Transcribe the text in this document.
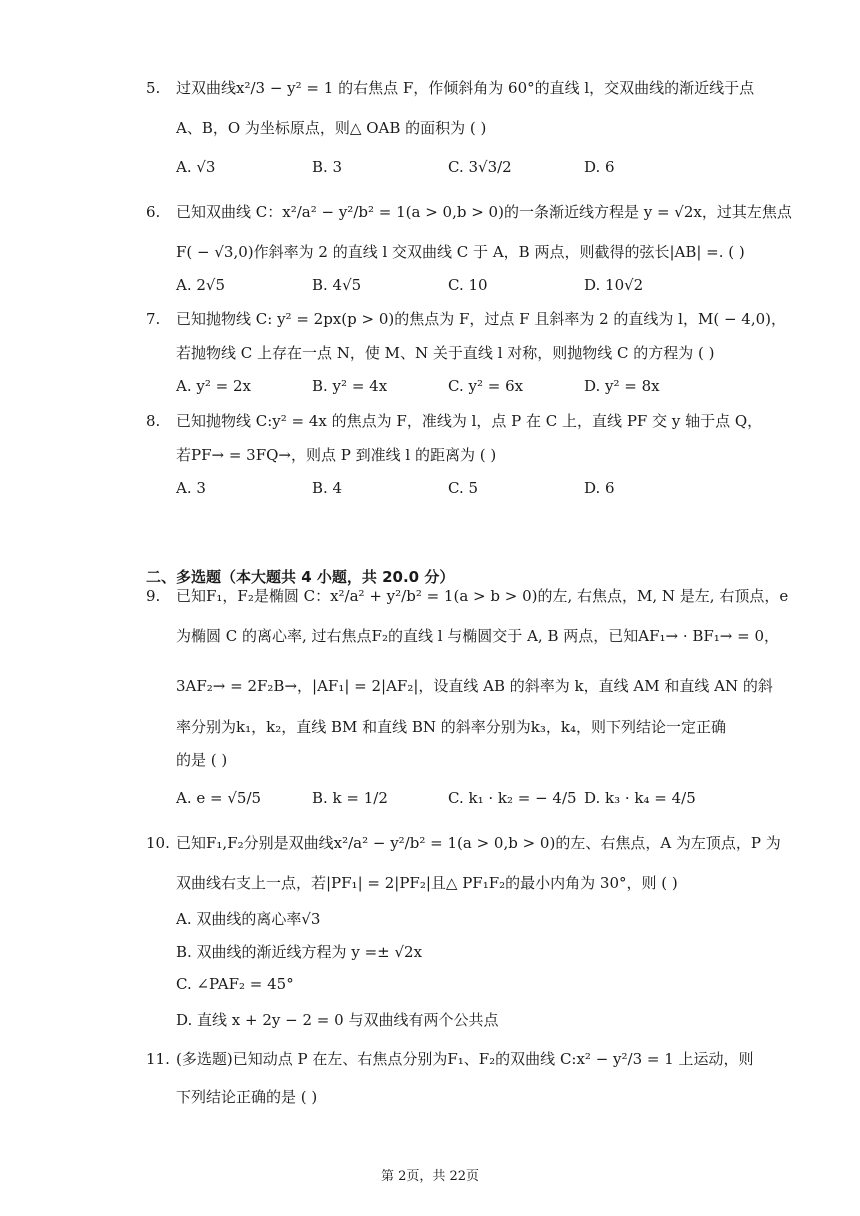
5. 过双曲线x²/3 − y² = 1 的右焦点 F，作倾斜角为 60°的直线 l，交双曲线的渐近线于点
A、B，O 为坐标原点，则△ OAB 的面积为 ( )
A. √3	B. 3	C. 3√3/2	D. 6
6. 已知双曲线 C：x²/a² − y²/b² = 1(a > 0,b > 0)的一条渐近线方程是 y = √2x，过其左焦点
F( − √3,0)作斜率为 2 的直线 l 交双曲线 C 于 A，B 两点，则截得的弦长|AB| =. ( )
A. 2√5	B. 4√5	C. 10	D. 10√2
7. 已知抛物线 C: y² = 2px(p > 0)的焦点为 F，过点 F 且斜率为 2 的直线为 l，M( − 4,0)，
若抛物线 C 上存在一点 N，使 M、N 关于直线 l 对称，则抛物线 C 的方程为 ( )
A. y² = 2x	B. y² = 4x	C. y² = 6x	D. y² = 8x
8. 已知抛物线 C:y² = 4x 的焦点为 F，准线为 l，点 P 在 C 上，直线 PF 交 y 轴于点 Q，
若PF→ = 3FQ→，则点 P 到准线 l 的距离为 ( )
A. 3	B. 4	C. 5	D. 6
二、多选题（本大题共 4 小题，共 20.0 分）
9. 已知F₁，F₂是椭圆 C：x²/a² + y²/b² = 1(a > b > 0)的左, 右焦点，M, N 是左, 右顶点，e
为椭圆 C 的离心率, 过右焦点F₂的直线 l 与椭圆交于 A, B 两点，已知AF₁→ · BF₁→ = 0，
3AF₂→ = 2F₂B→，|AF₁| = 2|AF₂|，设直线 AB 的斜率为 k，直线 AM 和直线 AN 的斜
率分别为k₁，k₂，直线 BM 和直线 BN 的斜率分别为k₃，k₄，则下列结论一定正确
的是 ( )
A. e = √5/5	B. k = 1/2	C. k₁ · k₂ = − 4/5 D. k₃ · k₄ = 4/5
10. 已知F₁,F₂分别是双曲线x²/a² − y²/b² = 1(a > 0,b > 0)的左、右焦点，A 为左顶点，P 为
双曲线右支上一点，若|PF₁| = 2|PF₂|且△ PF₁F₂的最小内角为 30°，则 ( )
A. 双曲线的离心率√3
B. 双曲线的渐近线方程为 y =± √2x
C. ∠PAF₂ = 45°
D. 直线 x + 2y − 2 = 0 与双曲线有两个公共点
11. (多选题)已知动点 P 在左、右焦点分别为F₁、F₂的双曲线 C:x² − y²/3 = 1 上运动，则
下列结论正确的是 ( )
第 2页，共 22页
